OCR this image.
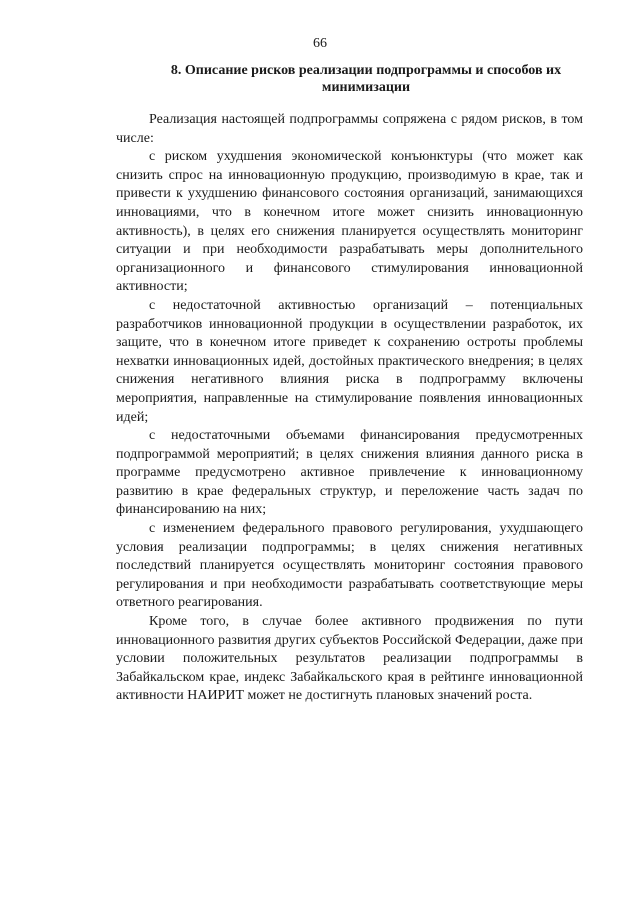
66
8. Описание рисков реализации подпрограммы и способов их минимизации

Реализация настоящей подпрограммы сопряжена с рядом рисков, в том числе:

с риском ухудшения экономической конъюнктуры (что может как снизить спрос на инновационную продукцию, производимую в крае, так и привести к ухудшению финансового состояния организаций, занимающихся инновациями, что в конечном итоге может снизить инновационную активность), в целях его снижения планируется осуществлять мониторинг ситуации и при необходимости разрабатывать меры дополнительного организационного и финансового стимулирования инновационной активности;

с недостаточной активностью организаций – потенциальных разработчиков инновационной продукции в осуществлении разработок, их защите, что в конечном итоге приведет к сохранению остроты проблемы нехватки инновационных идей, достойных практического внедрения; в целях снижения негативного влияния риска в подпрограмму включены мероприятия, направленные на стимулирование появления инновационных идей;

с недостаточными объемами финансирования предусмотренных подпрограммой мероприятий; в целях снижения влияния данного риска в программе предусмотрено активное привлечение к инновационному развитию в крае федеральных структур, и переложение часть задач по финансированию на них;

с изменением федерального правового регулирования, ухудшающего условия реализации подпрограммы; в целях снижения негативных последствий планируется осуществлять мониторинг состояния правового регулирования и при необходимости разрабатывать соответствующие меры ответного реагирования.

Кроме того, в случае более активного продвижения по пути инновационного развития других субъектов Российской Федерации, даже при условии положительных результатов реализации подпрограммы в Забайкальском крае, индекс Забайкальского края в рейтинге инновационной активности НАИРИТ может не достигнуть плановых значений роста.
